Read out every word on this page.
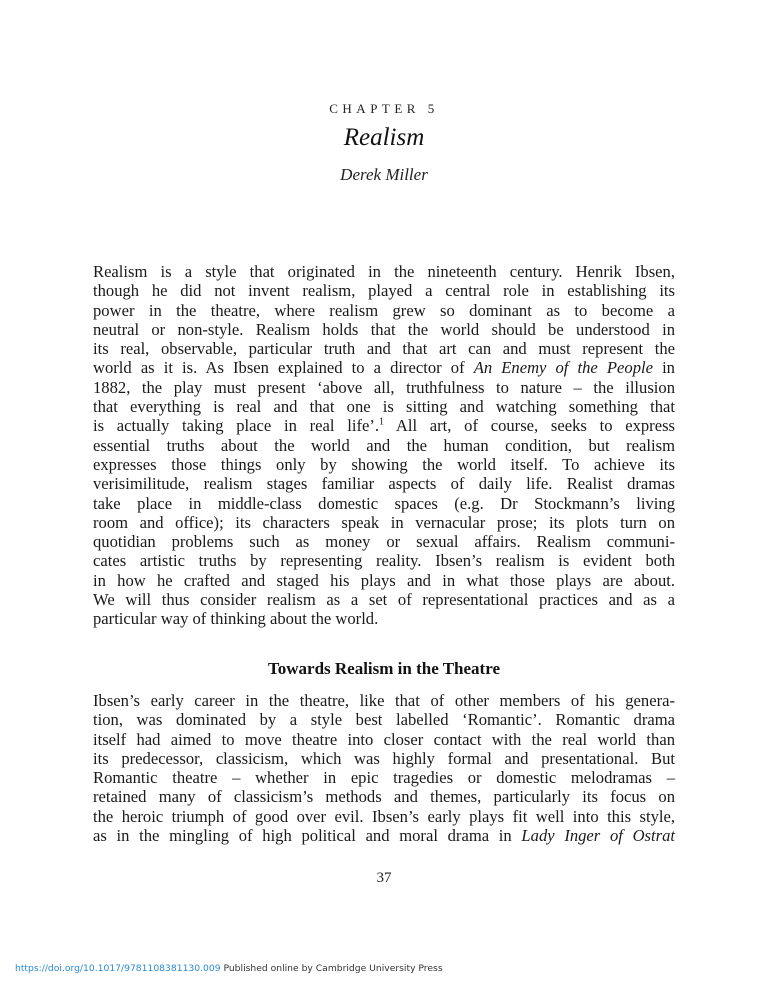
CHAPTER 5
Realism
Derek Miller
Realism is a style that originated in the nineteenth century. Henrik Ibsen,
though he did not invent realism, played a central role in establishing its
power in the theatre, where realism grew so dominant as to become a
neutral or non-style. Realism holds that the world should be understood in
its real, observable, particular truth and that art can and must represent the
world as it is. As Ibsen explained to a director of An Enemy of the People in
1882, the play must present ‘above all, truthfulness to nature – the illusion
that everything is real and that one is sitting and watching something that
is actually taking place in real life’.$^1$ All art, of course, seeks to express
essential truths about the world and the human condition, but realism
expresses those things only by showing the world itself. To achieve its
verisimilitude, realism stages familiar aspects of daily life. Realist dramas
take place in middle-class domestic spaces (e.g. Dr Stockmann’s living
room and office); its characters speak in vernacular prose; its plots turn on
quotidian problems such as money or sexual affairs. Realism communi-
cates artistic truths by representing reality. Ibsen’s realism is evident both
in how he crafted and staged his plays and in what those plays are about.
We will thus consider realism as a set of representational practices and as a
particular way of thinking about the world.
Towards Realism in the Theatre
Ibsen’s early career in the theatre, like that of other members of his genera-
tion, was dominated by a style best labelled ‘Romantic’. Romantic drama
itself had aimed to move theatre into closer contact with the real world than
its predecessor, classicism, which was highly formal and presentational. But
Romantic theatre – whether in epic tragedies or domestic melodramas –
retained many of classicism’s methods and themes, particularly its focus on
the heroic triumph of good over evil. Ibsen’s early plays fit well into this style,
as in the mingling of high political and moral drama in Lady Inger of Ostrat
37
https://doi.org/10.1017/9781108381130.009 Published online by Cambridge University Press
